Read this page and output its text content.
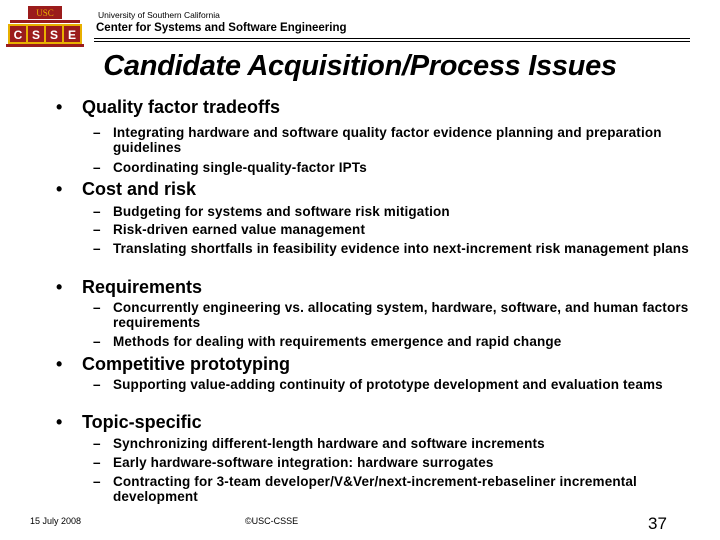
USC
C S S E
University of Southern California
Center for Systems and Software Engineering
Candidate Acquisition/Process Issues
• Quality factor tradeoffs
– Integrating hardware and software quality factor evidence planning and preparation guidelines
– Coordinating single-quality-factor IPTs
• Cost and risk
– Budgeting for systems and software risk mitigation
– Risk-driven earned value management
– Translating shortfalls in feasibility evidence into next-increment risk management plans
• Requirements
– Concurrently engineering vs. allocating system, hardware, software, and human factors requirements
– Methods for dealing with requirements emergence and rapid change
• Competitive prototyping
– Supporting value-adding continuity of prototype development and evaluation teams
• Topic-specific
– Synchronizing different-length hardware and software increments
– Early hardware-software integration: hardware surrogates
– Contracting for 3-team developer/V&Ver/next-increment-rebaseliner incremental development
15 July 2008	©USC-CSSE	37
